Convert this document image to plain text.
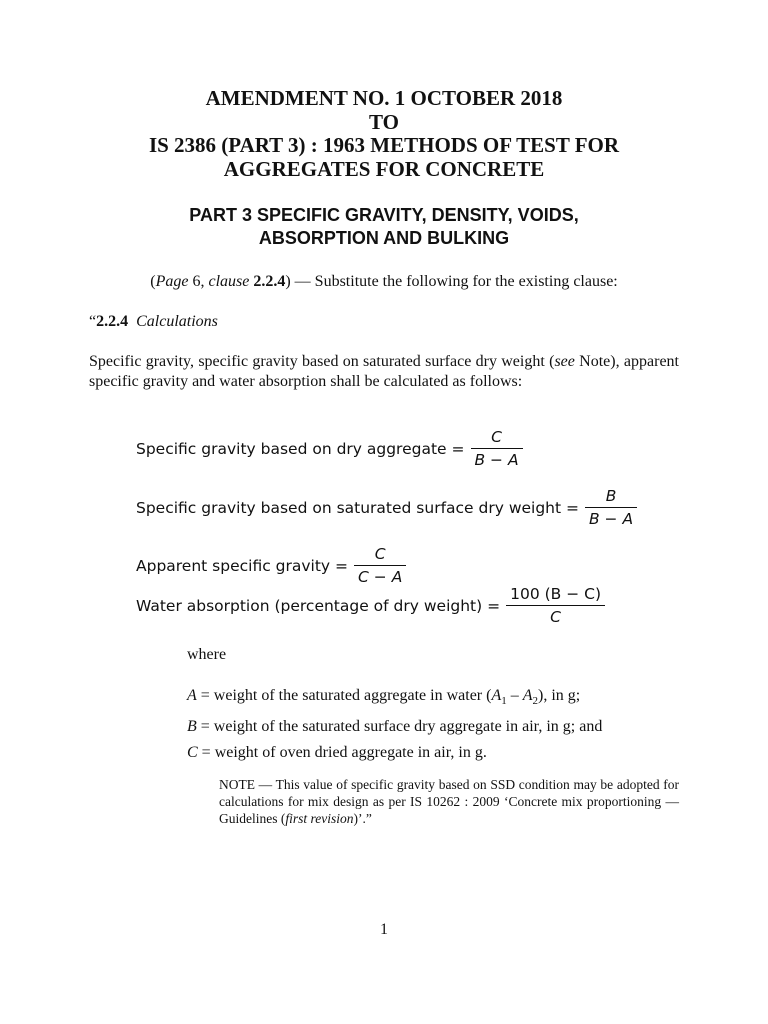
AMENDMENT NO. 1 OCTOBER 2018
TO
IS 2386 (PART 3) : 1963 METHODS OF TEST FOR
AGGREGATES FOR CONCRETE
PART 3 SPECIFIC GRAVITY, DENSITY, VOIDS,
ABSORPTION AND BULKING
(Page 6, clause 2.2.4) — Substitute the following for the existing clause:
“2.2.4 Calculations
Specific gravity, specific gravity based on saturated surface dry weight (see Note), apparent specific gravity and water absorption shall be calculated as follows:
Specific gravity based on dry aggregate = $\frac{C}{B - A}$
Specific gravity based on saturated surface dry weight = $\frac{B}{B - A}$
Apparent specific gravity = $\frac{C}{C - A}$
Water absorption (percentage of dry weight) = $\frac{100 (B - C)}{C}$
where
A = weight of the saturated aggregate in water $(A_1 - A_2)$, in g;
B = weight of the saturated surface dry aggregate in air, in g; and
C = weight of oven dried aggregate in air, in g.
NOTE — This value of specific gravity based on SSD condition may be adopted for calculations for mix design as per IS 10262 : 2009 ‘Concrete mix proportioning — Guidelines (first revision)’.”
1
